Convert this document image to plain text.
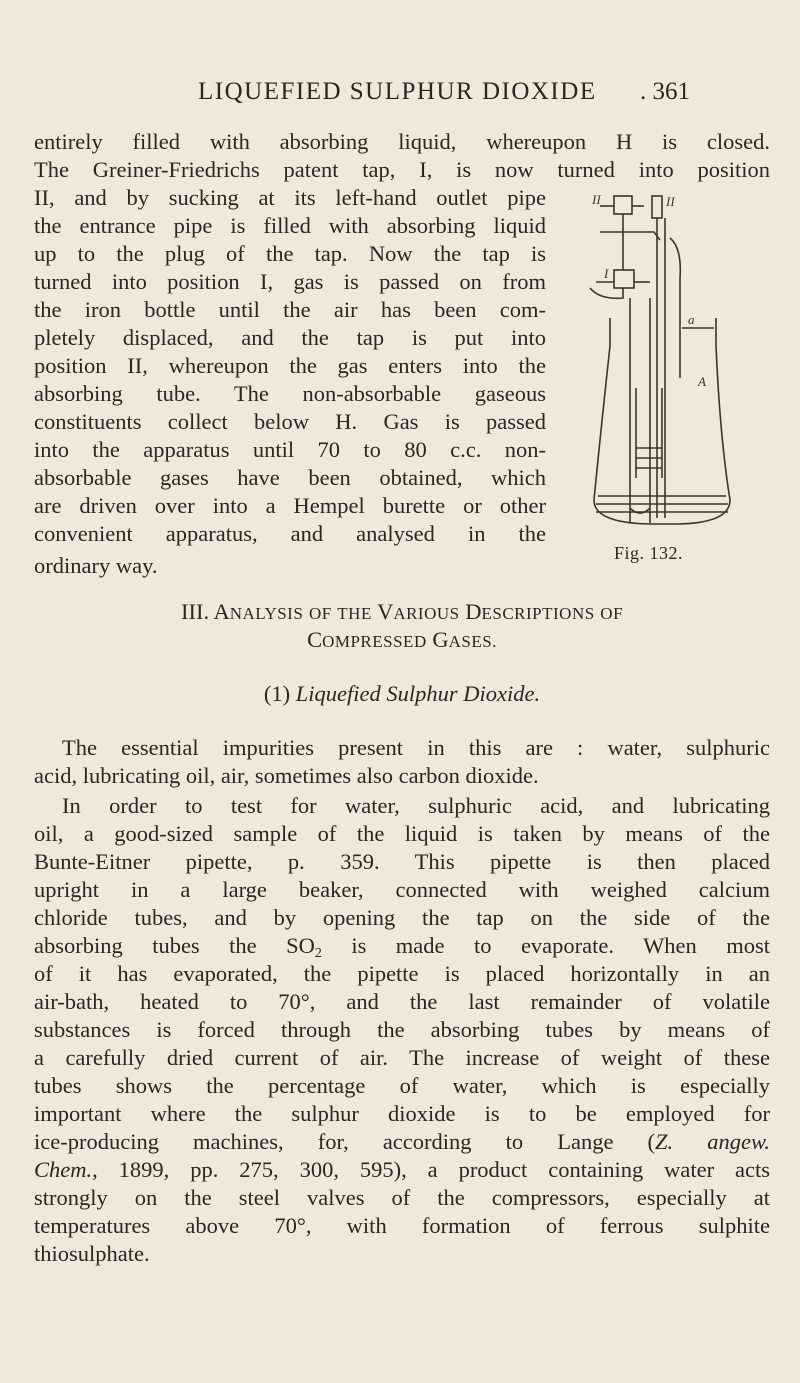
LIQUEFIED SULPHUR DIOXIDE . 361
entirely filled with absorbing liquid, whereupon H is closed.
The Greiner-Friedrichs patent tap, I, is now turned into position
II, and by sucking at its left-hand outlet pipe
the entrance pipe is filled with absorbing liquid
up to the plug of the tap. Now the tap is
turned into position I, gas is passed on from
the iron bottle until the air has been com-
pletely displaced, and the tap is put into
position II, whereupon the gas enters into the
absorbing tube. The non-absorbable gaseous
constituents collect below H. Gas is passed
into the apparatus until 70 to 80 c.c. non-
absorbable gases have been obtained, which
are driven over into a Hempel burette or other
convenient apparatus, and analysed in the
ordinary way.
II	II
I
a
A
Fig. 132.
III. ANALYSIS OF THE VARIOUS DESCRIPTIONS OF
COMPRESSED GASES.
(1) Liquefied Sulphur Dioxide.
The essential impurities present in this are : water, sulphuric
acid, lubricating oil, air, sometimes also carbon dioxide.
In order to test for water, sulphuric acid, and lubricating
oil, a good-sized sample of the liquid is taken by means of the
Bunte-Eitner pipette, p. 359. This pipette is then placed
upright in a large beaker, connected with weighed calcium
chloride tubes, and by opening the tap on the side of the
absorbing tubes the $SO_2$ is made to evaporate. When most
of it has evaporated, the pipette is placed horizontally in an
air-bath, heated to 70°, and the last remainder of volatile
substances is forced through the absorbing tubes by means of
a carefully dried current of air. The increase of weight of these
tubes shows the percentage of water, which is especially
important where the sulphur dioxide is to be employed for
ice-producing machines, for, according to Lange (Z. angew.
Chem., 1899, pp. 275, 300, 595), a product containing water acts
strongly on the steel valves of the compressors, especially at
temperatures above 70°, with formation of ferrous sulphite
thiosulphate.
